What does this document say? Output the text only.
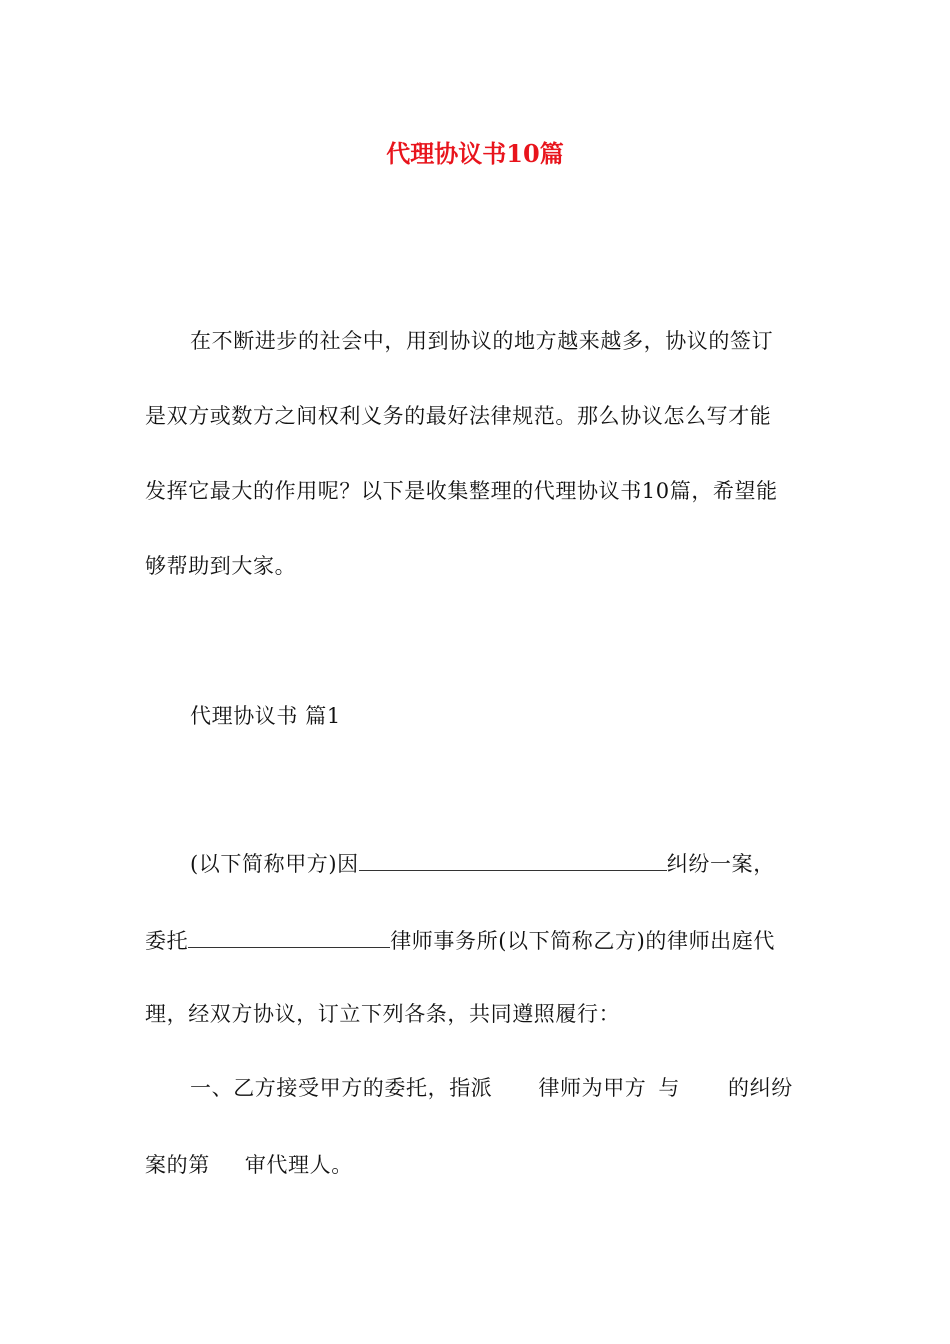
代理协议书10篇
在不断进步的社会中，用到协议的地方越来越多，协议的签订
是双方或数方之间权利义务的最好法律规范。那么协议怎么写才能
发挥它最大的作用呢？以下是收集整理的代理协议书10篇，希望能
够帮助到大家。
代理协议书 篇1
(以下简称甲方)因	纠纷一案，
委托	律师事务所(以下简称乙方)的律师出庭代
理，经双方协议，订立下列各条，共同遵照履行：
一、乙方接受甲方的委托，指派 律师为甲方 与 的纠纷
案的第 审代理人。
